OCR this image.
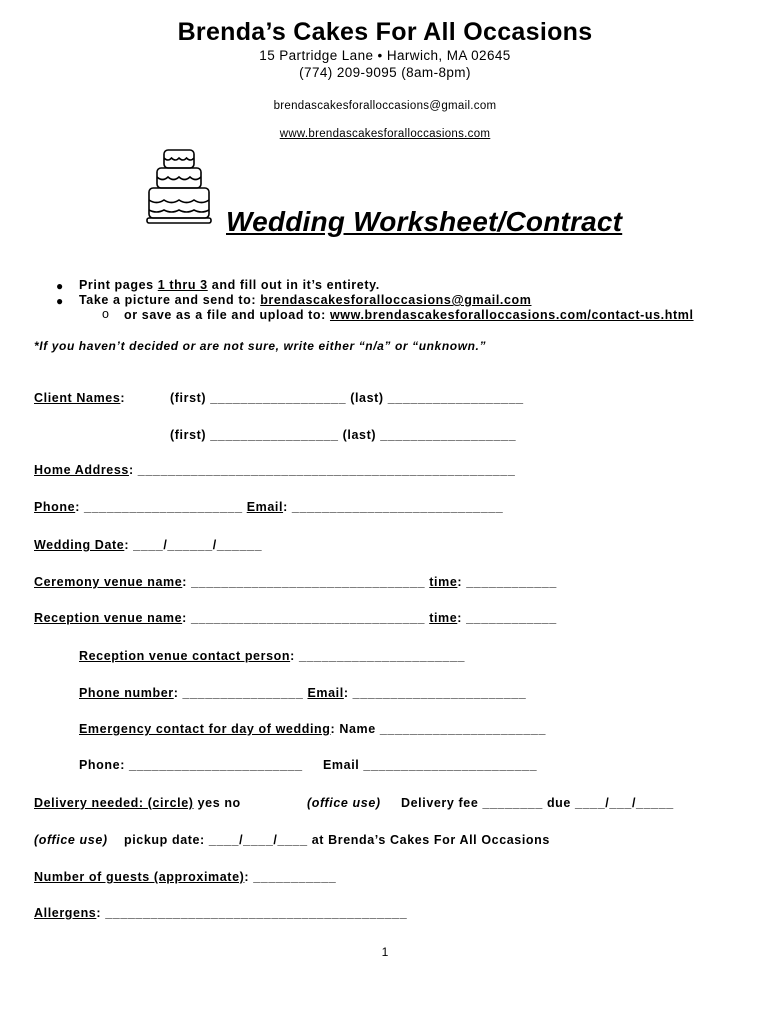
Brenda’s Cakes For All Occasions
15 Partridge Lane • Harwich, MA 02645
(774) 209-9095 (8am-8pm)
brendascakesforalloccasions@gmail.com
www.brendascakesforalloccasions.com
Wedding Worksheet/Contract
● Print pages 1 thru 3 and fill out in it’s entirety.
● Take a picture and send to: brendascakesforalloccasions@gmail.com
o or save as a file and upload to: www.brendascakesforalloccasions.com/contact-us.html
*If you haven’t decided or are not sure, write either “n/a” or “unknown.”
Client Names:	(first) __________________ (last) __________________
(first) _________________ (last) __________________
Home Address: __________________________________________________
Phone: _____________________ Email: ____________________________
Wedding Date: ____/______/______
Ceremony venue name: _______________________________ time: ____________
Reception venue name: _______________________________ time: ____________
Reception venue contact person: ______________________
Phone number: ________________ Email: _______________________
Emergency contact for day of wedding: Name ______________________
Phone: _______________________ Email _______________________
Delivery needed: (circle) yes no	(office use) Delivery fee ________ due ____/___/_____
(office use) pickup date: ____/____/____ at Brenda’s Cakes For All Occasions
Number of guests (approximate): ___________
Allergens: ________________________________________
1
